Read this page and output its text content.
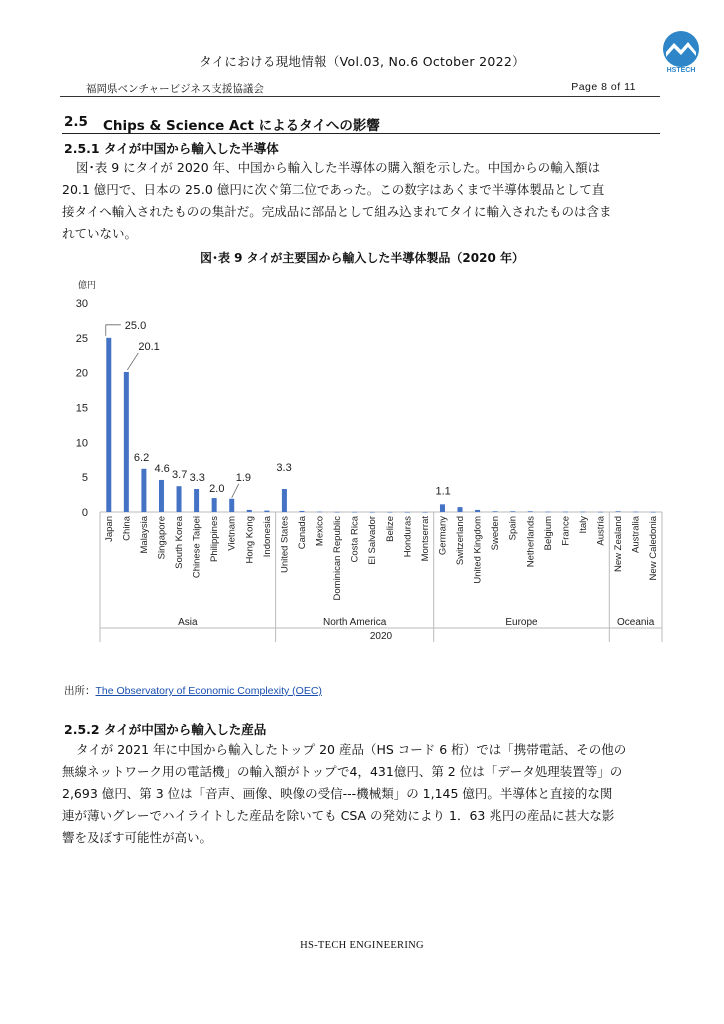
タイにおける現地情報（Vol.03, No.6 October 2022）
HSTECH
福岡県ベンチャービジネス支援協議会	Page 8 of 11
2.5 Chips & Science Act によるタイへの影響
2.5.1 タイが中国から輸入した半導体
図･表 9 にタイが 2020 年、中国から輸入した半導体の購入額を示した。中国からの輸入額は
20.1 億円で、日本の 25.0 億円に次ぐ第二位であった。この数字はあくまで半導体製品として直
接タイへ輸入されたものの集計だ。完成品に部品として組み込まれてタイに輸入されたものは含ま
れていない。
図･表 9 タイが主要国から輸入した半導体製品（2020 年）
億円
0
5
10
15
20
25
30
Japan China Malaysia Singapore South Korea Chinese Taipei Philippines Vietnam Hong Kong Indonesia United States Canada Mexico Dominican Republic Costa Rica El Salvador Belize Honduras Montserrat Germany Switzerland United Kingdom Sweden Spain Netherlands Belgium France Italy Austria New Zealand Australia New Caledonia
25.0
20.1
6.2
4.6
3.7 3.3
2.0
1.9
3.3
1.1
Asia	North America	Europe	Oceania
2020
出所：The Observatory of Economic Complexity (OEC)
2.5.2 タイが中国から輸入した産品
タイが 2021 年に中国から輸入したトップ 20 産品（HS コード 6 桁）では「携帯電話、その他の
無線ネットワーク用の電話機」の輸入額がトップで4，431億円、第 2 位は「データ処理装置等」の
2,693 億円、第 3 位は「音声、画像、映像の受信---機械類」の 1,145 億円。半導体と直接的な関
連が薄いグレーでハイライトした産品を除いても CSA の発効により 1．63 兆円の産品に甚大な影
響を及ぼす可能性が高い。
HS-TECH ENGINEERING
